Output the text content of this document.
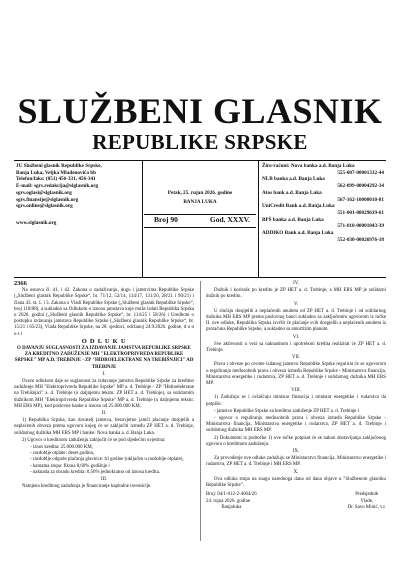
SLUŽBENI GLASNIK
REPUBLIKE SRPSKE
JU Službeni glasnik Republike Srpske,
Banja Luka, Veljka Mlađenovića bb
Telefon/faks: (051) 456-331, 456-341
E-mail: sgrs.redakcija@slglasnik.org
sgrs.oglasi@slglasnik.org
sgrs.finansije@slglasnik.org
sgrs.online@slglasnik.org
www.slglasnik.org
Petak, 25. rujan 2026. godine
BANJA LUKA
Broj 90	God. XXXV.
Žiro-računi: Nova banka a.d. Banja Luka
555-007-00001332-44
NLB banka a.d. Banja Luka
562-099-00004292-34
Atos bank a.d. Banja Luka
567-162-10000010-81
UniCredit Bank a.d. Banja Luka
551-001-00029639-61
BPŠ banka a.d. Banja Luka
571-010-00001043-39
ADDIKO Bank a.d. Banja Luka
552-030-00026976-18

2366

Na osnovu čl. 41. i 42. Zakona o zaduživanju, dugu i jamstvima Republike Srpske („Službeni glasnik Republike Srpske“, br. 71/12, 52/14, 114/17, 131/20, 28/21 i 90/21) i člana 43. st. 1. i 3. Zakona o Vladi Republike Srpske („Službeni glasnik Republike Srpske“, broj 118/08), a sukladno sa Odlukom o iznosu jamstava koje može izdati Republika Srpska u 2026. godini („Službeni glasnik Republike Srpske“, br. 114/25 i 58/26) i Uredbom o postupku izdavanja jamstava Republike Srpske („Službeni glasnik Republike Srpske“, br. 15/21 i 65/23), Vlada Republike Srpske, na 28. sjednici, održanoj 24.9.2026. godine, d o n o s i

O D L U K U

O DAVANJU SUGLASNOSTI ZA IZDAVANJE JAMSTVA REPUBLIKE SRPSKE ZA KREDITNO ZADUŽENJE MH "ELEKTROPRIVREDA REPUBLIKE SRPSKE" MP A.D. TREBINJE - ZP "HIDROELEKTRANE NA TREBIŠNJICI" AD TREBINJE

I.

Ovom odlukom daje se suglasnost za izdavanje jamstva Republike Srpske za kreditno zaduženje MH "Elektroprivreda Republike Srpske" MP a. d. Trebinje - ZP "Hidroelektrane na Trebišnjici" a. d. Trebinje (u daljnjemu tekstu: ZP HET a. d. Trebinje), sa solidarnim dužnikom MH "Elektroprivreda Republike Srpske" MP a. d. Trebinje (u daljnjemu tekstu: MH ERS MP), kod poslovne banke u iznosu od 25.000.000 KM.

II.

1) Republika Srpska, kao davatelj jamstva, bezuvjetno jamči plaćanje dospjelih a neplaćenih obveza prema ugovoru kojeg će se zaključiti između ZP HET a. d. Trebinje, solidarnog dužnika MH ERS MP i banke: Nova banka a. d. Banja Luka.

2) Ugovor o kreditnom zaduženju zaključit će se pod sljedećim uvjetima:

- iznos kredita: 25.000.000 KM,
- razdoblje otplate: deset godina,
- razdoblje odgode plaćanja glavnice: tri godine (uključen u razdoblje otplate),
- kamatna stopa: fiksna 8,60% godišnje i
- naknada za obradu kredita: 0,50% jednokratno od iznosa kredita.

III.

Namjena kreditnog zaduženja je financiranje kapitalne investicije.

IV.

Dužnik i korisnik po kreditu je ZP HET a. d. Trebinje, a MH ERS MP je solidarni dužnik po kreditu.

V.

U slučaju dospjelih a neplaćenih anuiteta od ZP HET a. d. Trebinje i od solidarnog dužnika MH ERS MP prema poslovnoj banci sukladno sa zaključenim ugovorom iz točke II. ove odluke, Republika Srpska izvršit će plaćanje svih dospjelih a neplaćenih anuiteta iz proračuna Republike Srpske, a sukladno sa amortizim planom.

VI.

Sve aktivnosti u vezi sa naknadnom i upotrebom kredita realizirat će ZP HET a. d. Trebinje.

VII.

Prava i obveze po ovome izdanog jamstvu Republike Srpske regulirat će se ugovorom o reguliranju međusobnih prava i obveza između Republike Srpske - Ministarstva financija, Ministarstva energetike i rudarstva, ZP HET a. d. Trebinje i solidarnog dužnika MH ERS MP.

VIII.

1) Zadužuju se i ovlašćuju ministar financija i ministar energetike i rudarstva da potpišu:

- jamstvo Republike Srpske za kreditno zaduženje ZP HET a. d. Trebinje i

- ugovor o reguliranju međusobnih prava i obveza između Republike Srpske - Ministarstva financija, Ministarstva energetike i rudarstva, ZP HET a. d. Trebinje i solidarnog dužnika MH ERS MP.

2) Dokumenti iz podtočke 1) ove točke potpisat će se nakon dostavljanja zaključenog ugovora o kreditnom zaduženju.

IX.

Za provođenje ove odluke zadužuju se Ministarstvo financija, Ministarstvo energetike i rudarstva, ZP HET a. d. Trebinje i MH ERS MP.

X.

Ova odluka stupa na snagu narednoga dana od dana objave u "Službenom glasniku Republike Srpske".

Broj: 04/1-012-2-4064/26
24. rujna 2026. godine
Banjaluka
Predsjednik
Vlade,
Dr. Savo Minić, v.r.
